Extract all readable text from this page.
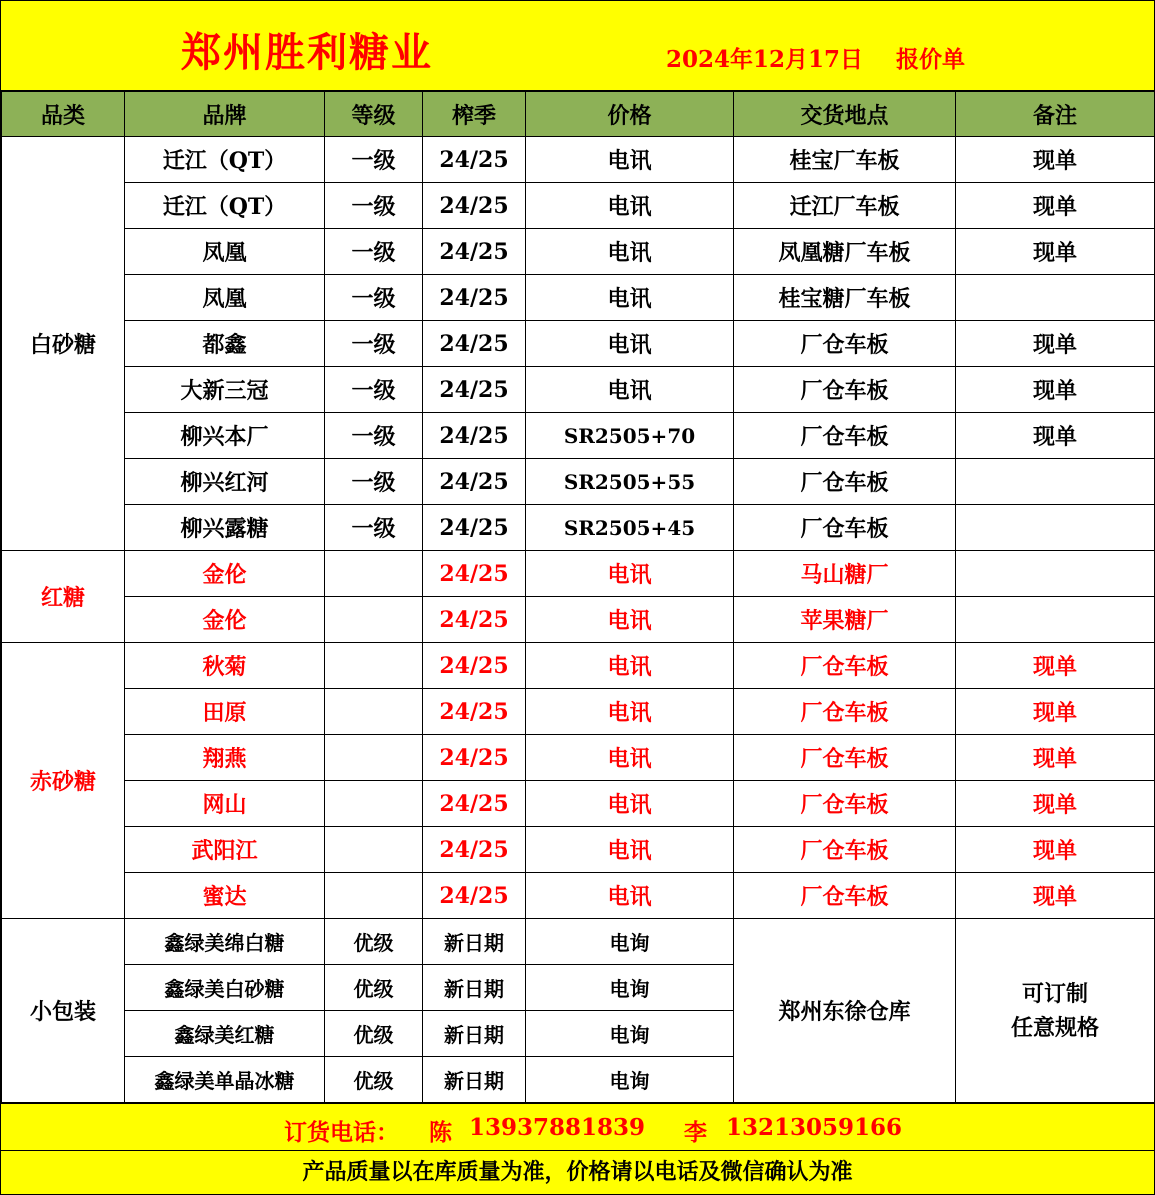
郑州胜利糖业	2024年12月17日 报价单
品类	品牌	等级	榨季	价格	交货地点	备注
白砂糖	迁江（QT）	一级	24/25	电讯	桂宝厂车板	现单
	迁江（QT）	一级	24/25	电讯	迁江厂车板	现单
	凤凰	一级	24/25	电讯	凤凰糖厂车板	现单
	凤凰	一级	24/25	电讯	桂宝糖厂车板	
	都鑫	一级	24/25	电讯	厂仓车板	现单
	大新三冠	一级	24/25	电讯	厂仓车板	现单
	柳兴本厂	一级	24/25	SR2505+70	厂仓车板	现单
	柳兴红河	一级	24/25	SR2505+55	厂仓车板	
	柳兴露糖	一级	24/25	SR2505+45	厂仓车板	
红糖	金伦		24/25	电讯	马山糖厂	
	金伦		24/25	电讯	苹果糖厂	
赤砂糖	秋菊		24/25	电讯	厂仓车板	现单
	田原		24/25	电讯	厂仓车板	现单
	翔燕		24/25	电讯	厂仓车板	现单
	网山		24/25	电讯	厂仓车板	现单
	武阳江		24/25	电讯	厂仓车板	现单
	蜜达		24/25	电讯	厂仓车板	现单
小包装	鑫绿美绵白糖	优级	新日期	电询	郑州东徐仓库	可订制
任意规格

	鑫绿美白砂糖	优级	新日期	电询		
	鑫绿美红糖	优级	新日期	电询		
	鑫绿美单晶冰糖	优级	新日期	电询		
订货电话： 陈 13937881839 李 13213059166
产品质量以在库质量为准，价格请以电话及微信确认为准
